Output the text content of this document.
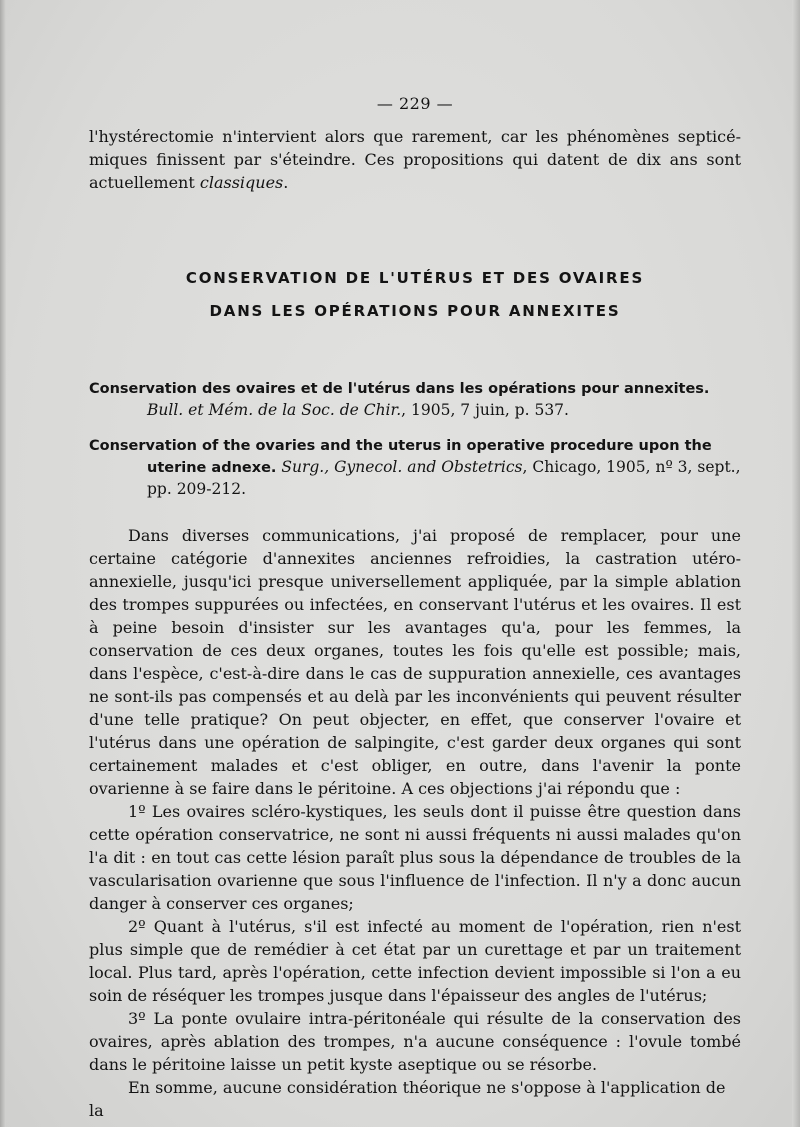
— 229 —

l'hystérectomie n'intervient alors que rarement, car les phénomènes septicé-miques finissent par s'éteindre. Ces propositions qui datent de dix ans sont actuellement classiques.

CONSERVATION DE L'UTÉRUS ET DES OVAIRES
DANS LES OPÉRATIONS POUR ANNEXITES

Conservation des ovaires et de l'utérus dans les opérations pour annexites. Bull. et Mém. de la Soc. de Chir., 1905, 7 juin, p. 537.

Conservation of the ovaries and the uterus in operative procedure upon the uterine adnexe. Surg., Gynecol. and Obstetrics, Chicago, 1905, nº 3, sept., pp. 209-212.

Dans diverses communications, j'ai proposé de remplacer, pour une certaine catégorie d'annexites anciennes refroidies, la castration utéro-annexielle, jusqu'ici presque universellement appliquée, par la simple ablation des trompes suppurées ou infectées, en conservant l'utérus et les ovaires. Il est à peine besoin d'insister sur les avantages qu'a, pour les femmes, la conservation de ces deux organes, toutes les fois qu'elle est possible; mais, dans l'espèce, c'est-à-dire dans le cas de suppuration annexielle, ces avantages ne sont-ils pas compensés et au delà par les inconvénients qui peuvent résulter d'une telle pratique? On peut objecter, en effet, que conserver l'ovaire et l'utérus dans une opération de salpingite, c'est garder deux organes qui sont certainement malades et c'est obliger, en outre, dans l'avenir la ponte ovarienne à se faire dans le péritoine. A ces objections j'ai répondu que :

1º Les ovaires scléro-kystiques, les seuls dont il puisse être question dans cette opération conservatrice, ne sont ni aussi fréquents ni aussi malades qu'on l'a dit : en tout cas cette lésion paraît plus sous la dépendance de troubles de la vascularisation ovarienne que sous l'influence de l'infection. Il n'y a donc aucun danger à conserver ces organes;

2º Quant à l'utérus, s'il est infecté au moment de l'opération, rien n'est plus simple que de remédier à cet état par un curettage et par un traitement local. Plus tard, après l'opération, cette infection devient impossible si l'on a eu soin de réséquer les trompes jusque dans l'épaisseur des angles de l'utérus;

3º La ponte ovulaire intra-péritonéale qui résulte de la conservation des ovaires, après ablation des trompes, n'a aucune conséquence : l'ovule tombé dans le péritoine laisse un petit kyste aseptique ou se résorbe.

En somme, aucune considération théorique ne s'oppose à l'application de la
